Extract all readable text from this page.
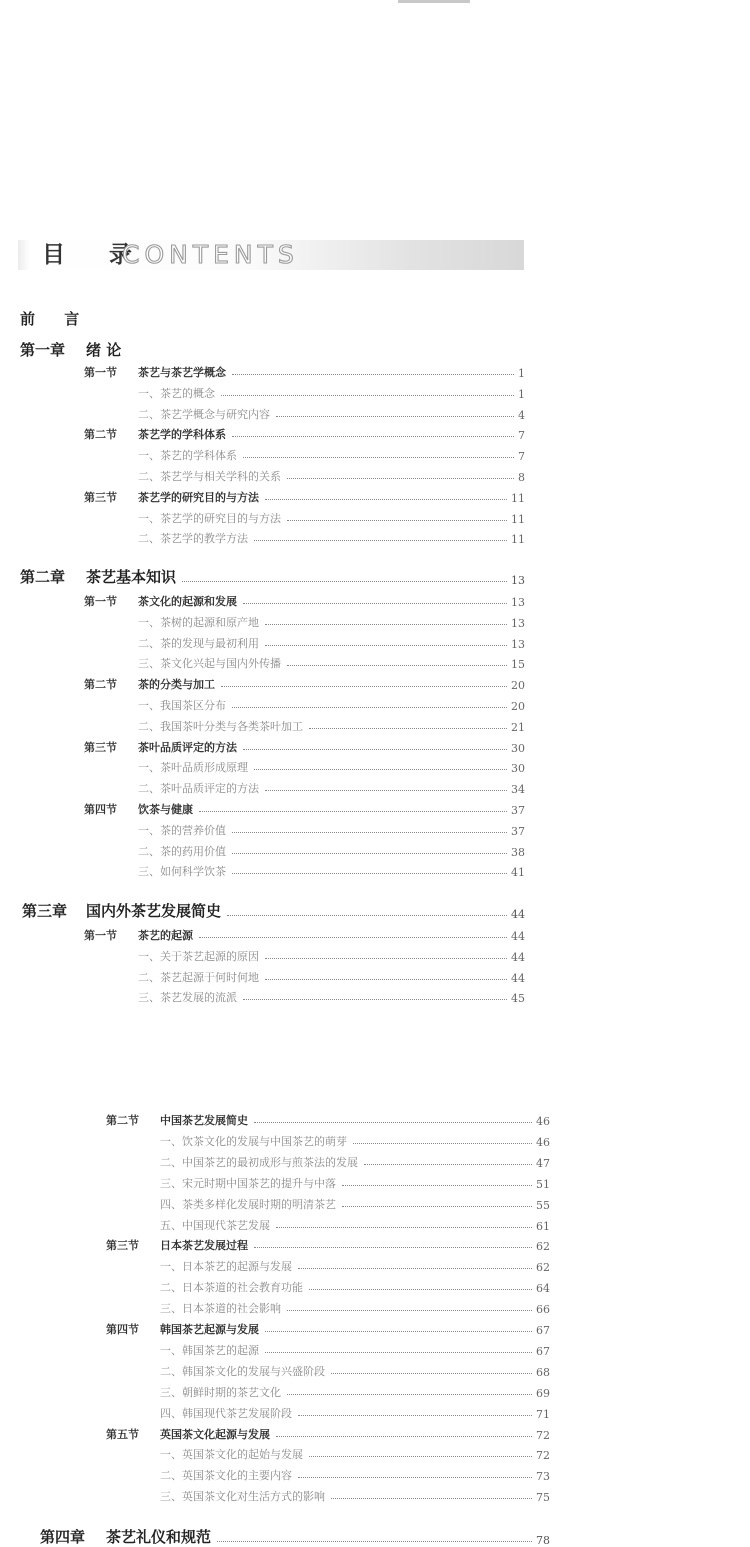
目 录
CONTENTS
前 言
第一章	绪 论
第一节	茶艺与茶艺学概念	1
一、茶艺的概念	1
二、茶艺学概念与研究内容	4
第二节	茶艺学的学科体系	7
一、茶艺的学科体系	7
二、茶艺学与相关学科的关系	8
第三节	茶艺学的研究目的与方法	11
一、茶艺学的研究目的与方法	11
二、茶艺学的教学方法	11
第二章	茶艺基本知识	13
第一节	茶文化的起源和发展	13
一、茶树的起源和原产地	13
二、茶的发现与最初利用	13
三、茶文化兴起与国内外传播	15
第二节	茶的分类与加工	20
一、我国茶区分布	20
二、我国茶叶分类与各类茶叶加工	21
第三节	茶叶品质评定的方法	30
一、茶叶品质形成原理	30
二、茶叶品质评定的方法	34
第四节	饮茶与健康	37
一、茶的营养价值	37
二、茶的药用价值	38
三、如何科学饮茶	41
第三章	国内外茶艺发展简史	44
第一节	茶艺的起源	44
一、关于茶艺起源的原因	44
二、茶艺起源于何时何地	44
三、茶艺发展的流派	45
第二节	中国茶艺发展简史	46
一、饮茶文化的发展与中国茶艺的萌芽	46
二、中国茶艺的最初成形与煎茶法的发展	47
三、宋元时期中国茶艺的提升与中落	51
四、茶类多样化发展时期的明清茶艺	55
五、中国现代茶艺发展	61
第三节	日本茶艺发展过程	62
一、日本茶艺的起源与发展	62
二、日本茶道的社会教育功能	64
三、日本茶道的社会影响	66
第四节	韩国茶艺起源与发展	67
一、韩国茶艺的起源	67
二、韩国茶文化的发展与兴盛阶段	68
三、朝鲜时期的茶艺文化	69
四、韩国现代茶艺发展阶段	71
第五节	英国茶文化起源与发展	72
一、英国茶文化的起始与发展	72
二、英国茶文化的主要内容	73
三、英国茶文化对生活方式的影响	75
第四章	茶艺礼仪和规范	78
